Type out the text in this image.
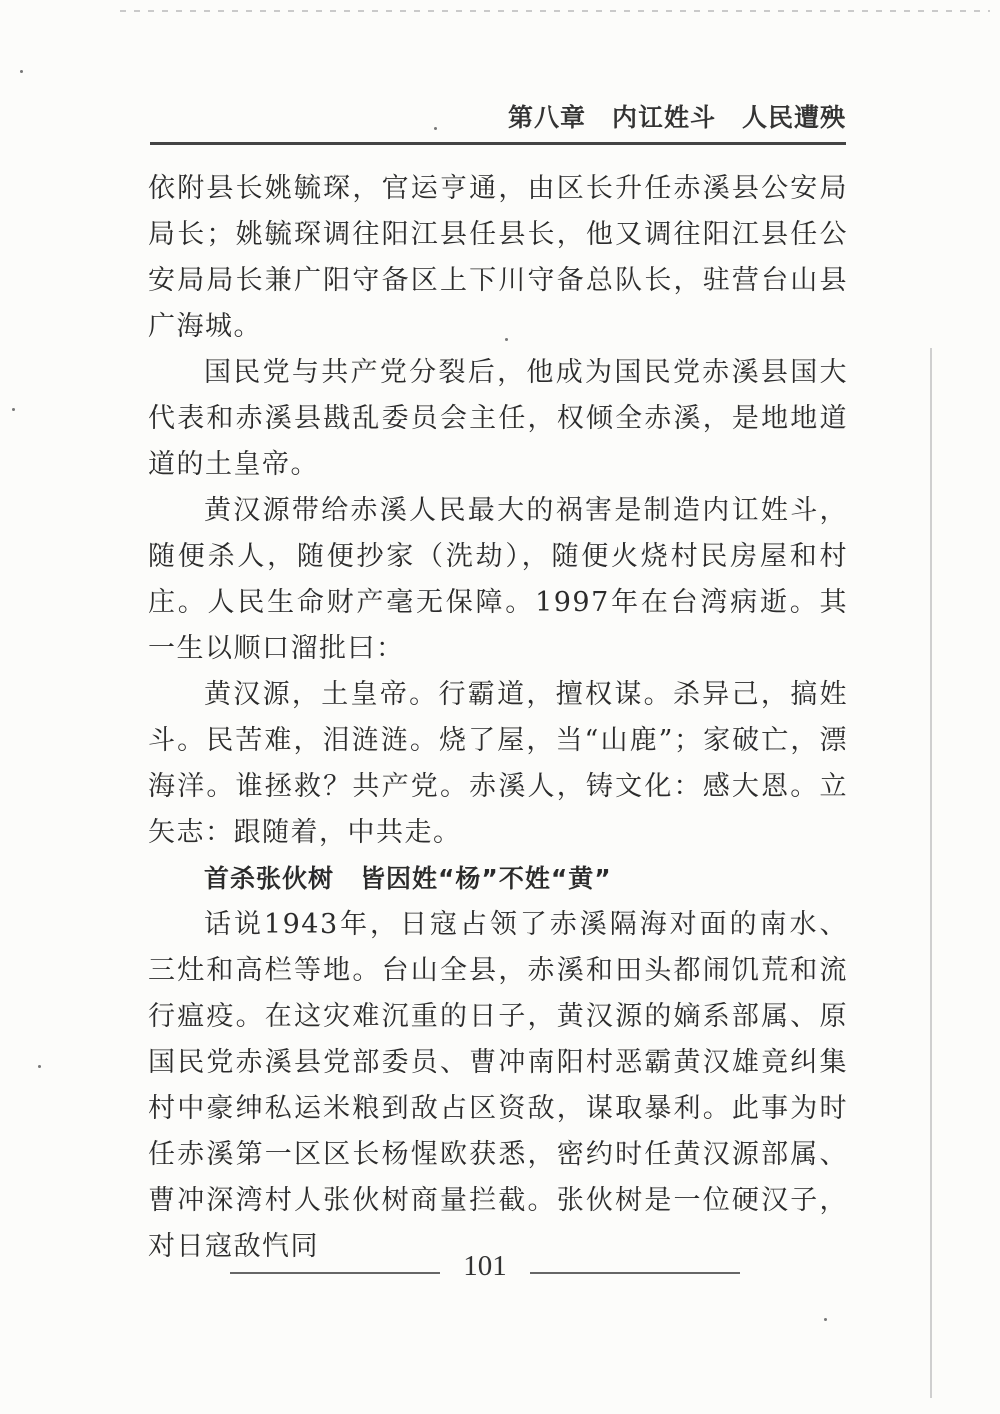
第八章　内讧姓斗　人民遭殃

依附县长姚毓琛，官运亨通，由区长升任赤溪县公安局局长；姚毓琛调往阳江县任县长，他又调往阳江县任公安局局长兼广阳守备区上下川守备总队长，驻营台山县广海城。

国民党与共产党分裂后，他成为国民党赤溪县国大代表和赤溪县戡乱委员会主任，权倾全赤溪，是地地道道的土皇帝。

黄汉源带给赤溪人民最大的祸害是制造内讧姓斗，随便杀人，随便抄家（洗劫），随便火烧村民房屋和村庄。人民生命财产毫无保障。1997年在台湾病逝。其一生以顺口溜批曰：

黄汉源，土皇帝。行霸道，擅权谋。杀异己，搞姓斗。民苦难，泪涟涟。烧了屋，当“山鹿”；家破亡，漂海洋。谁拯救？共产党。赤溪人，铸文化：感大恩。立矢志：跟随着，中共走。

首杀张伙树　皆因姓“杨”不姓“黄”

话说1943年，日寇占领了赤溪隔海对面的南水、三灶和高栏等地。台山全县，赤溪和田头都闹饥荒和流行瘟疫。在这灾难沉重的日子，黄汉源的嫡系部属、原国民党赤溪县党部委员、曹冲南阳村恶霸黄汉雄竟纠集村中豪绅私运米粮到敌占区资敌，谋取暴利。此事为时任赤溪第一区区长杨惺欧获悉，密约时任黄汉源部属、曹冲深湾村人张伙树商量拦截。张伙树是一位硬汉子，对日寇敌忾同

101
